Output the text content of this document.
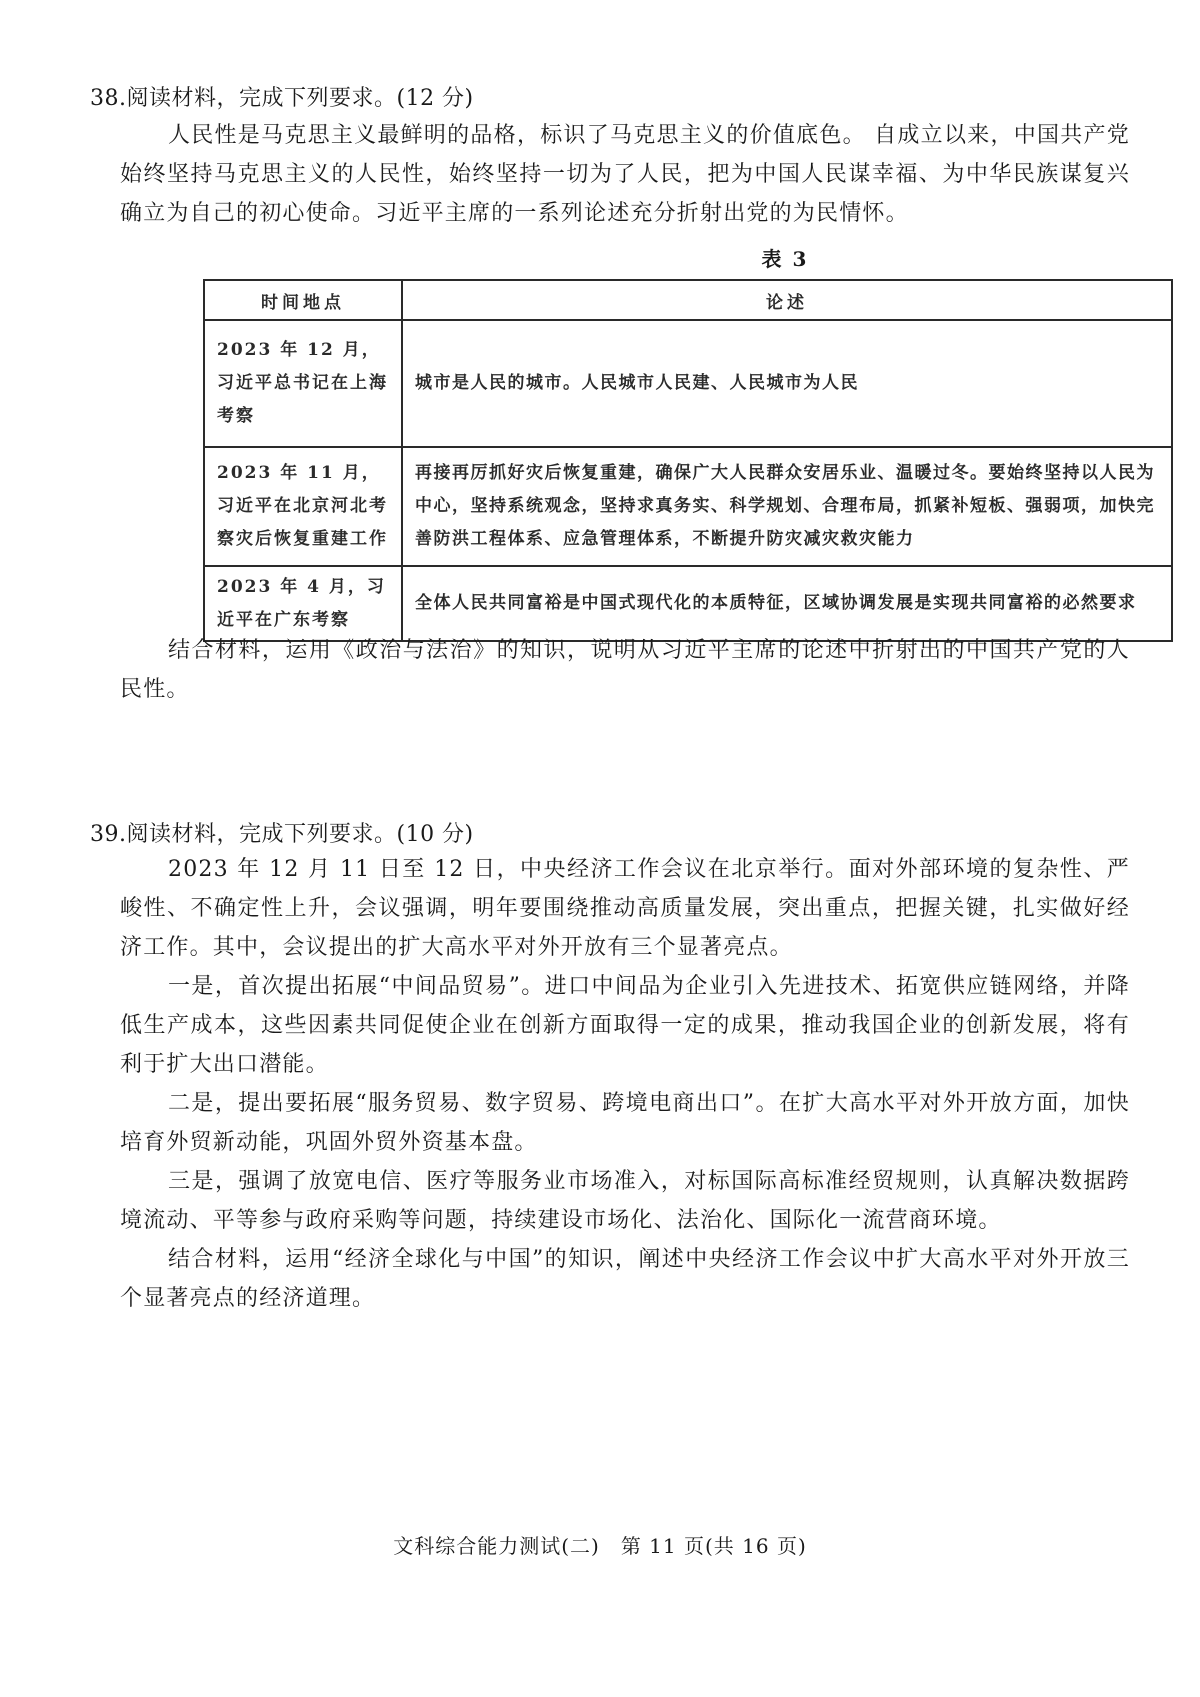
38.阅读材料，完成下列要求。(12 分)
人民性是马克思主义最鲜明的品格，标识了马克思主义的价值底色。 自成立以来，中国共产党始终坚持马克思主义的人民性，始终坚持一切为了人民，把为中国人民谋幸福、为中华民族谋复兴确立为自己的初心使命。习近平主席的一系列论述充分折射出党的为民情怀。
表 3
时间地点	论述
2023 年 12 月，习近平总书记在上海考察	城市是人民的城市。人民城市人民建、人民城市为人民
2023 年 11 月，习近平在北京河北考察灾后恢复重建工作	再接再厉抓好灾后恢复重建，确保广大人民群众安居乐业、温暖过冬。要始终坚持以人民为中心，坚持系统观念，坚持求真务实、科学规划、合理布局，抓紧补短板、强弱项，加快完善防洪工程体系、应急管理体系，不断提升防灾减灾救灾能力
2023 年 4 月，习近平在广东考察	全体人民共同富裕是中国式现代化的本质特征，区域协调发展是实现共同富裕的必然要求
结合材料，运用《政治与法治》的知识，说明从习近平主席的论述中折射出的中国共产党的人民性。
39.阅读材料，完成下列要求。(10 分)
2023 年 12 月 11 日至 12 日，中央经济工作会议在北京举行。面对外部环境的复杂性、严峻性、不确定性上升，会议强调，明年要围绕推动高质量发展，突出重点，把握关键，扎实做好经济工作。其中，会议提出的扩大高水平对外开放有三个显著亮点。
一是，首次提出拓展“中间品贸易”。进口中间品为企业引入先进技术、拓宽供应链网络，并降低生产成本，这些因素共同促使企业在创新方面取得一定的成果，推动我国企业的创新发展，将有利于扩大出口潜能。
二是，提出要拓展“服务贸易、数字贸易、跨境电商出口”。在扩大高水平对外开放方面，加快培育外贸新动能，巩固外贸外资基本盘。
三是，强调了放宽电信、医疗等服务业市场准入，对标国际高标准经贸规则，认真解决数据跨境流动、平等参与政府采购等问题，持续建设市场化、法治化、国际化一流营商环境。
结合材料，运用“经济全球化与中国”的知识，阐述中央经济工作会议中扩大高水平对外开放三个显著亮点的经济道理。
文科综合能力测试(二)　第 11 页(共 16 页)
